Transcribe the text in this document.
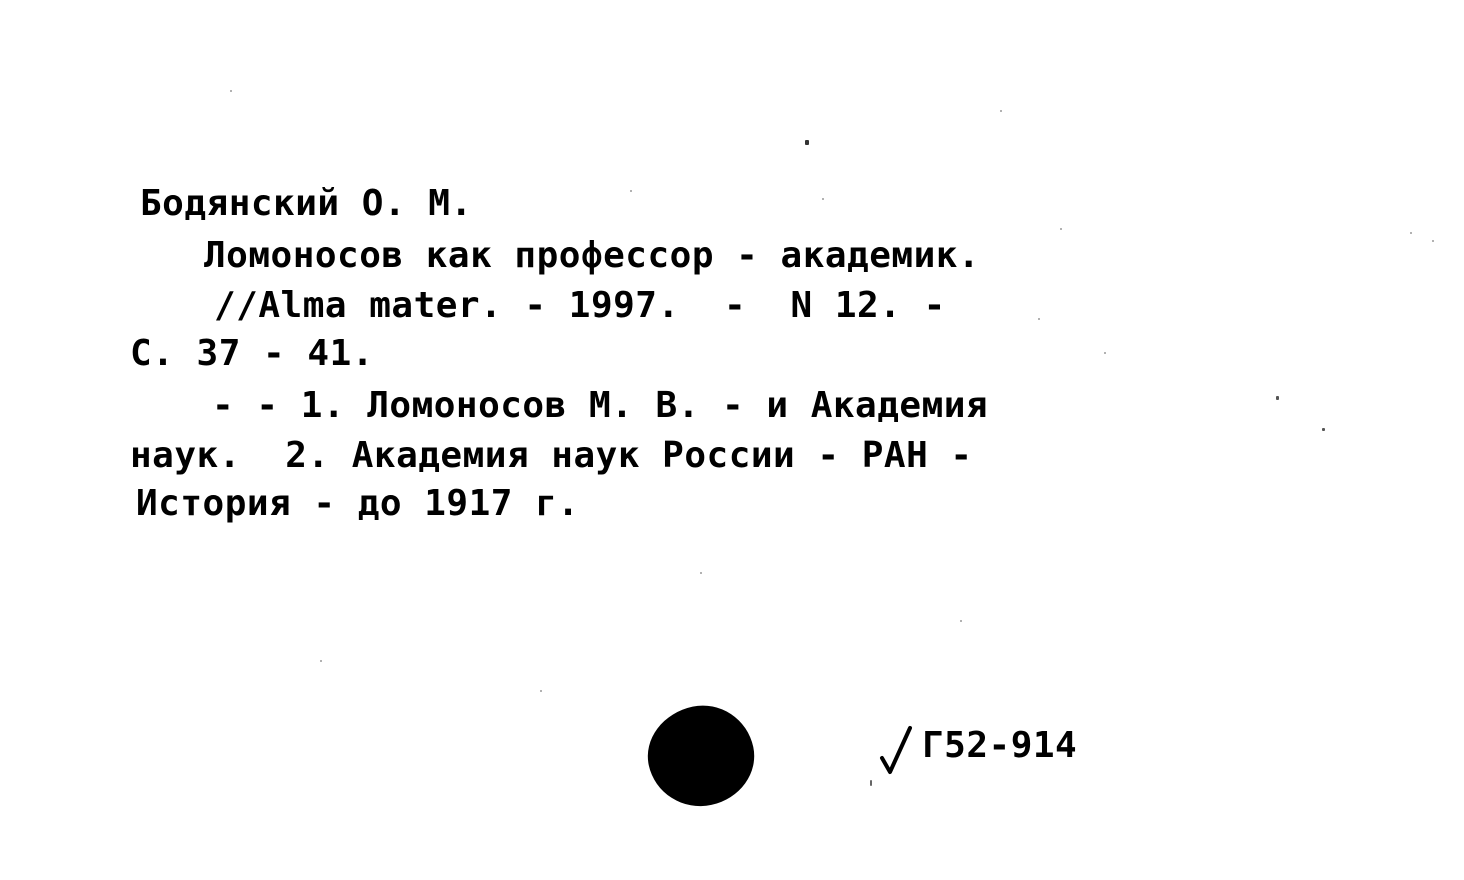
Бодянский О. М.
Ломоносов как профессор - академик.
//Alma mater. - 1997.  -  N 12. -
С. 37 - 41.
- - 1. Ломоносов М. В. - и Академия
наук.  2. Академия наук России - РАН -
История - до 1917 г.
Г52-914
